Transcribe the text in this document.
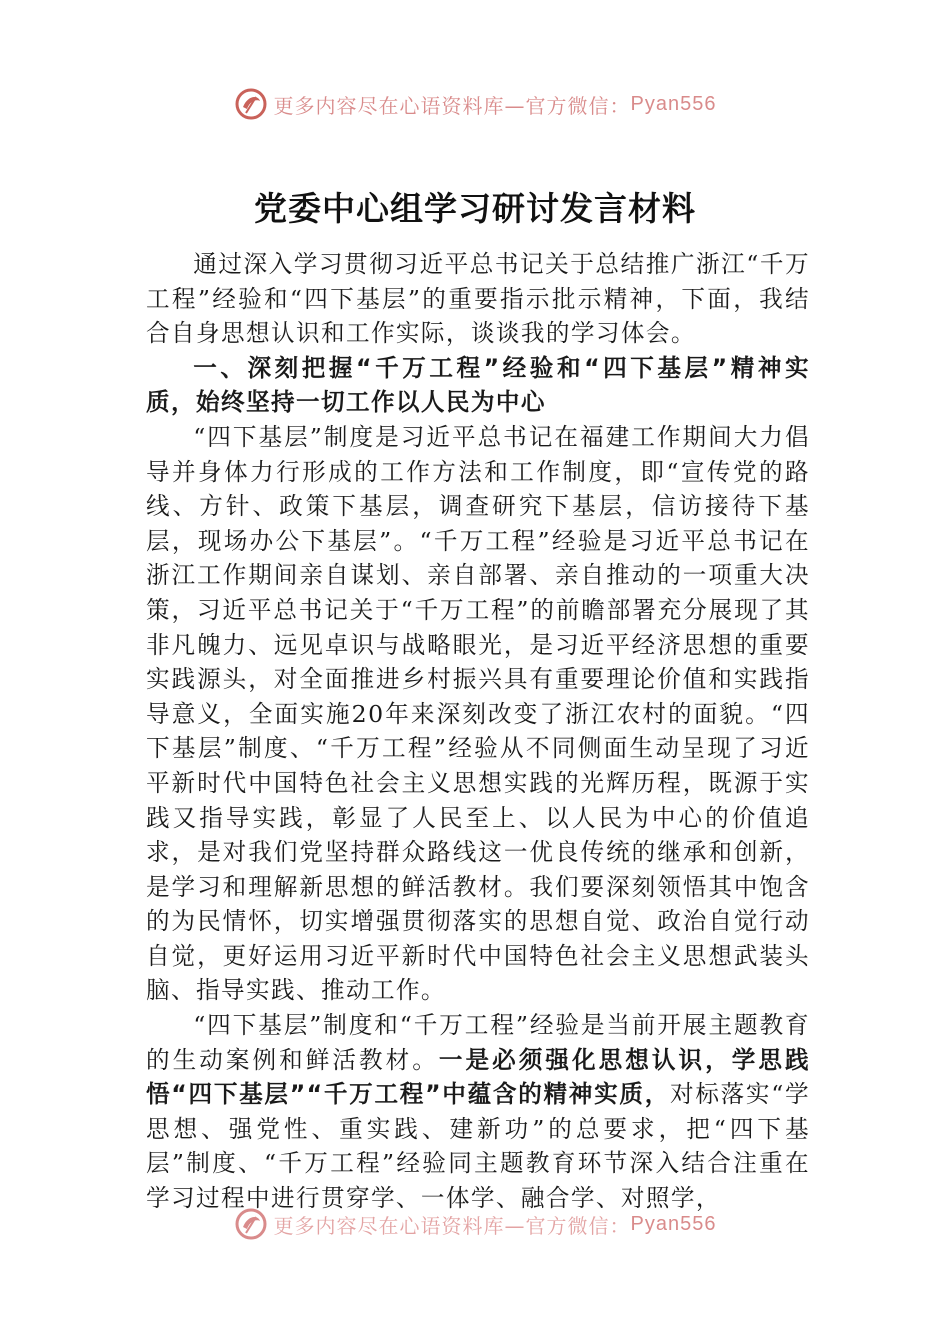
更多内容尽在心语资料库—官方微信： Pyan556
党委中心组学习研讨发言材料

通过深入学习贯彻习近平总书记关于总结推广浙江“千万工程”经验和“四下基层”的重要指示批示精神，下面，我结合自身思想认识和工作实际，谈谈我的学习体会。

一、深刻把握“千万工程”经验和“四下基层”精神实质，始终坚持一切工作以人民为中心

“四下基层”制度是习近平总书记在福建工作期间大力倡导并身体力行形成的工作方法和工作制度，即“宣传党的路线、方针、政策下基层，调查研究下基层，信访接待下基层，现场办公下基层”。“千万工程”经验是习近平总书记在浙江工作期间亲自谋划、亲自部署、亲自推动的一项重大决策，习近平总书记关于“千万工程”的前瞻部署充分展现了其非凡魄力、远见卓识与战略眼光，是习近平经济思想的重要实践源头，对全面推进乡村振兴具有重要理论价值和实践指导意义，全面实施20年来深刻改变了浙江农村的面貌。“四下基层”制度、“千万工程”经验从不同侧面生动呈现了习近平新时代中国特色社会主义思想实践的光辉历程，既源于实践又指导实践，彰显了人民至上、以人民为中心的价值追求，是对我们党坚持群众路线这一优良传统的继承和创新，是学习和理解新思想的鲜活教材。我们要深刻领悟其中饱含的为民情怀，切实增强贯彻落实的思想自觉、政治自觉行动自觉，更好运用习近平新时代中国特色社会主义思想武装头脑、指导实践、推动工作。

“四下基层”制度和“千万工程”经验是当前开展主题教育的生动案例和鲜活教材。一是必须强化思想认识，学思践悟“四下基层”“千万工程”中蕴含的精神实质，对标落实“学思想、强党性、重实践、建新功”的总要求，把“四下基层”制度、“千万工程”经验同主题教育环节深入结合注重在学习过程中进行贯穿学、一体学、融合学、对照学，

更多内容尽在心语资料库—官方微信： Pyan556
